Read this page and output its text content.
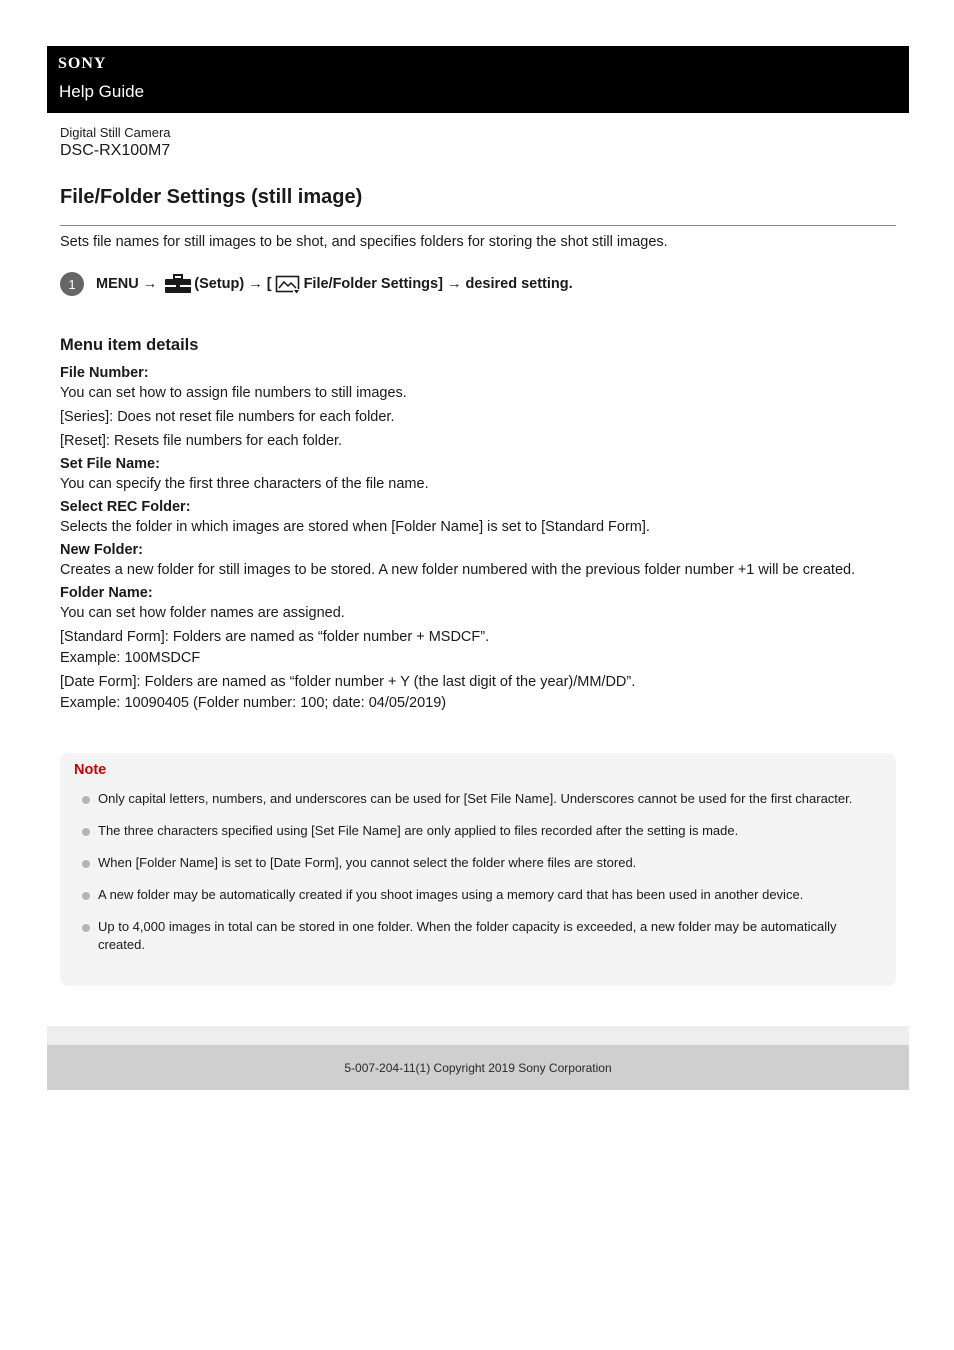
SONY
Help Guide
Digital Still Camera
DSC-RX100M7
File/Folder Settings (still image)
Sets file names for still images to be shot, and specifies folders for storing the shot still images.
1	MENU →	(Setup) → [ File/Folder Settings] → desired setting.
Menu item details

File Number:

You can set how to assign file numbers to still images.

[Series]: Does not reset file numbers for each folder.

[Reset]: Resets file numbers for each folder.

Set File Name:

You can specify the first three characters of the file name.

Select REC Folder:

Selects the folder in which images are stored when [Folder Name] is set to [Standard Form].

New Folder:

Creates a new folder for still images to be stored. A new folder numbered with the previous folder number +1 will be created.

Folder Name:

You can set how folder names are assigned.

[Standard Form]: Folders are named as “folder number + MSDCF”.

Example: 100MSDCF

[Date Form]: Folders are named as “folder number + Y (the last digit of the year)/MM/DD”.

Example: 10090405 (Folder number: 100; date: 04/05/2019)

Note
Only capital letters, numbers, and underscores can be used for [Set File Name]. Underscores cannot be used for the first character.
The three characters specified using [Set File Name] are only applied to files recorded after the setting is made.
When [Folder Name] is set to [Date Form], you cannot select the folder where files are stored.
A new folder may be automatically created if you shoot images using a memory card that has been used in another device.
Up to 4,000 images in total can be stored in one folder. When the folder capacity is exceeded, a new folder may be automatically created.
5-007-204-11(1) Copyright 2019 Sony Corporation
